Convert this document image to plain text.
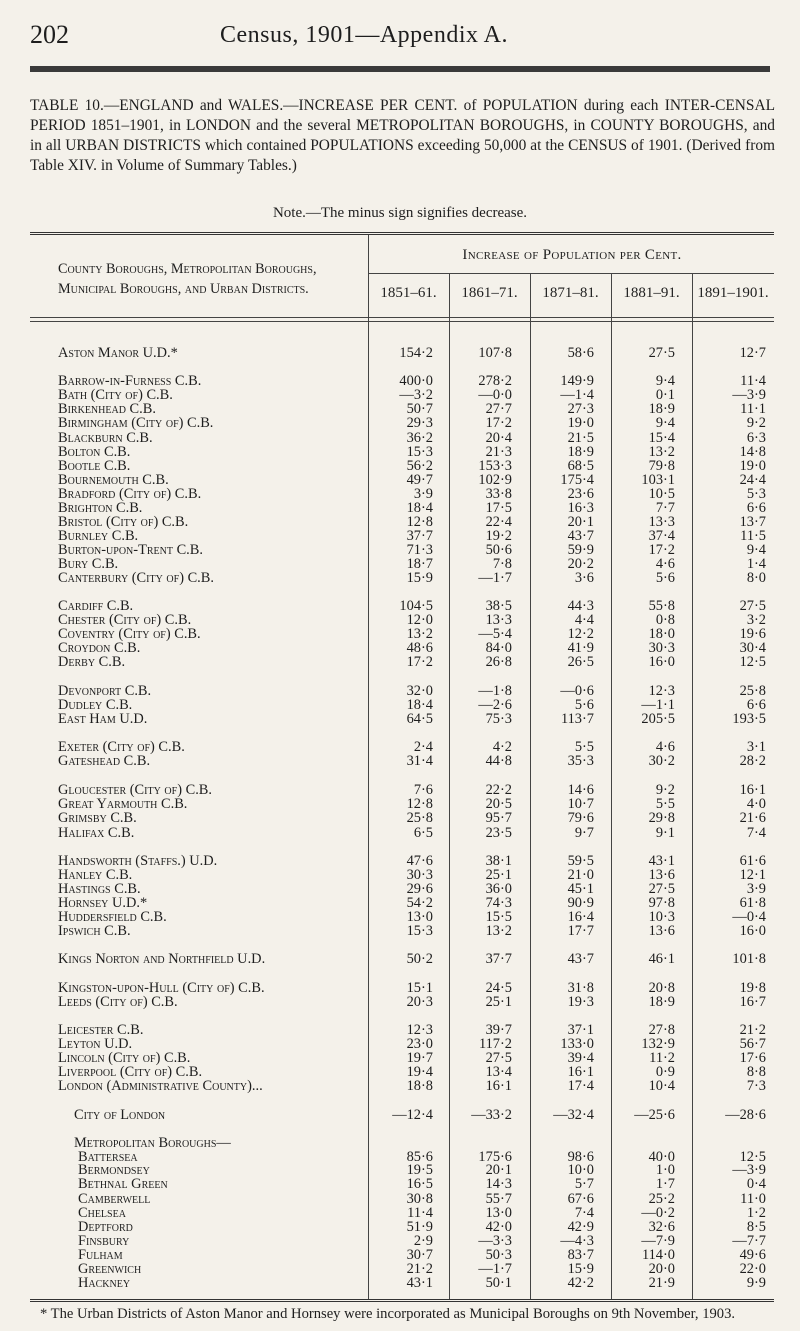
202	Census, 1901—Appendix A.
TABLE 10.—ENGLAND and WALES.—INCREASE PER CENT. of POPULATION during each INTER-CENSAL PERIOD 1851–1901, in LONDON and the several METROPOLITAN BOROUGHS, in COUNTY BOROUGHS, and in all URBAN DISTRICTS which contained POPULATIONS exceeding 50,000 at the CENSUS of 1901. (Derived from Table XIV. in Volume of Summary Tables.)
Note.—The minus sign signifies decrease.
County Boroughs, Metropolitan Boroughs,
Municipal Boroughs, and Urban Districts.
Increase of Population per Cent.
1851–61.	1861–71.	1871–81.	1881–91.	1891–1901.
Aston Manor U.D.*	154·2	107·8	58·6	27·5	12·7
Barrow-in-Furness C.B.	400·0	278·2	149·9	9·4	11·4
Bath (City of) C.B.	—3·2	—0·0	—1·4	0·1	—3·9
Birkenhead C.B.	50·7	27·7	27·3	18·9	11·1
Birmingham (City of) C.B.	29·3	17·2	19·0	9·4	9·2
Blackburn C.B.	36·2	20·4	21·5	15·4	6·3
Bolton C.B.	15·3	21·3	18·9	13·2	14·8
Bootle C.B.	56·2	153·3	68·5	79·8	19·0
Bournemouth C.B.	49·7	102·9	175·4	103·1	24·4
Bradford (City of) C.B.	3·9	33·8	23·6	10·5	5·3
Brighton C.B.	18·4	17·5	16·3	7·7	6·6
Bristol (City of) C.B.	12·8	22·4	20·1	13·3	13·7
Burnley C.B.	37·7	19·2	43·7	37·4	11·5
Burton-upon-Trent C.B.	71·3	50·6	59·9	17·2	9·4
Bury C.B.	18·7	7·8	20·2	4·6	1·4
Canterbury (City of) C.B.	15·9	—1·7	3·6	5·6	8·0
Cardiff C.B.	104·5	38·5	44·3	55·8	27·5
Chester (City of) C.B.	12·0	13·3	4·4	0·8	3·2
Coventry (City of) C.B.	13·2	—5·4	12·2	18·0	19·6
Croydon C.B.	48·6	84·0	41·9	30·3	30·4
Derby C.B.	17·2	26·8	26·5	16·0	12·5
Devonport C.B.	32·0	—1·8	—0·6	12·3	25·8
Dudley C.B.	18·4	—2·6	5·6	—1·1	6·6
East Ham U.D.	64·5	75·3	113·7	205·5	193·5
Exeter (City of) C.B.	2·4	4·2	5·5	4·6	3·1
Gateshead C.B.	31·4	44·8	35·3	30·2	28·2
Gloucester (City of) C.B.	7·6	22·2	14·6	9·2	16·1
Great Yarmouth C.B.	12·8	20·5	10·7	5·5	4·0
Grimsby C.B.	25·8	95·7	79·6	29·8	21·6
Halifax C.B.	6·5	23·5	9·7	9·1	7·4
Handsworth (Staffs.) U.D.	47·6	38·1	59·5	43·1	61·6
Hanley C.B.	30·3	25·1	21·0	13·6	12·1
Hastings C.B.	29·6	36·0	45·1	27·5	3·9
Hornsey U.D.*	54·2	74·3	90·9	97·8	61·8
Huddersfield C.B.	13·0	15·5	16·4	10·3	—0·4
Ipswich C.B.	15·3	13·2	17·7	13·6	16·0
Kings Norton and Northfield U.D.	50·2	37·7	43·7	46·1	101·8
Kingston-upon-Hull (City of) C.B.	15·1	24·5	31·8	20·8	19·8
Leeds (City of) C.B.	20·3	25·1	19·3	18·9	16·7
Leicester C.B.	12·3	39·7	37·1	27·8	21·2
Leyton U.D.	23·0	117·2	133·0	132·9	56·7
Lincoln (City of) C.B.	19·7	27·5	39·4	11·2	17·6
Liverpool (City of) C.B.	19·4	13·4	16·1	0·9	8·8
London (Administrative County)...	18·8	16·1	17·4	10·4	7·3
City of London	—12·4	—33·2	—32·4	—25·6	—28·6
Metropolitan Boroughs—
Battersea	85·6	175·6	98·6	40·0	12·5
Bermondsey	19·5	20·1	10·0	1·0	—3·9
Bethnal Green	16·5	14·3	5·7	1·7	0·4
Camberwell	30·8	55·7	67·6	25·2	11·0
Chelsea	11·4	13·0	7·4	—0·2	1·2
Deptford	51·9	42·0	42·9	32·6	8·5
Finsbury	2·9	—3·3	—4·3	—7·9	—7·7
Fulham	30·7	50·3	83·7	114·0	49·6
Greenwich	21·2	—1·7	15·9	20·0	22·0
Hackney	43·1	50·1	42·2	21·9	9·9
* The Urban Districts of Aston Manor and Hornsey were incorporated as Municipal Boroughs on 9th November, 1903.
